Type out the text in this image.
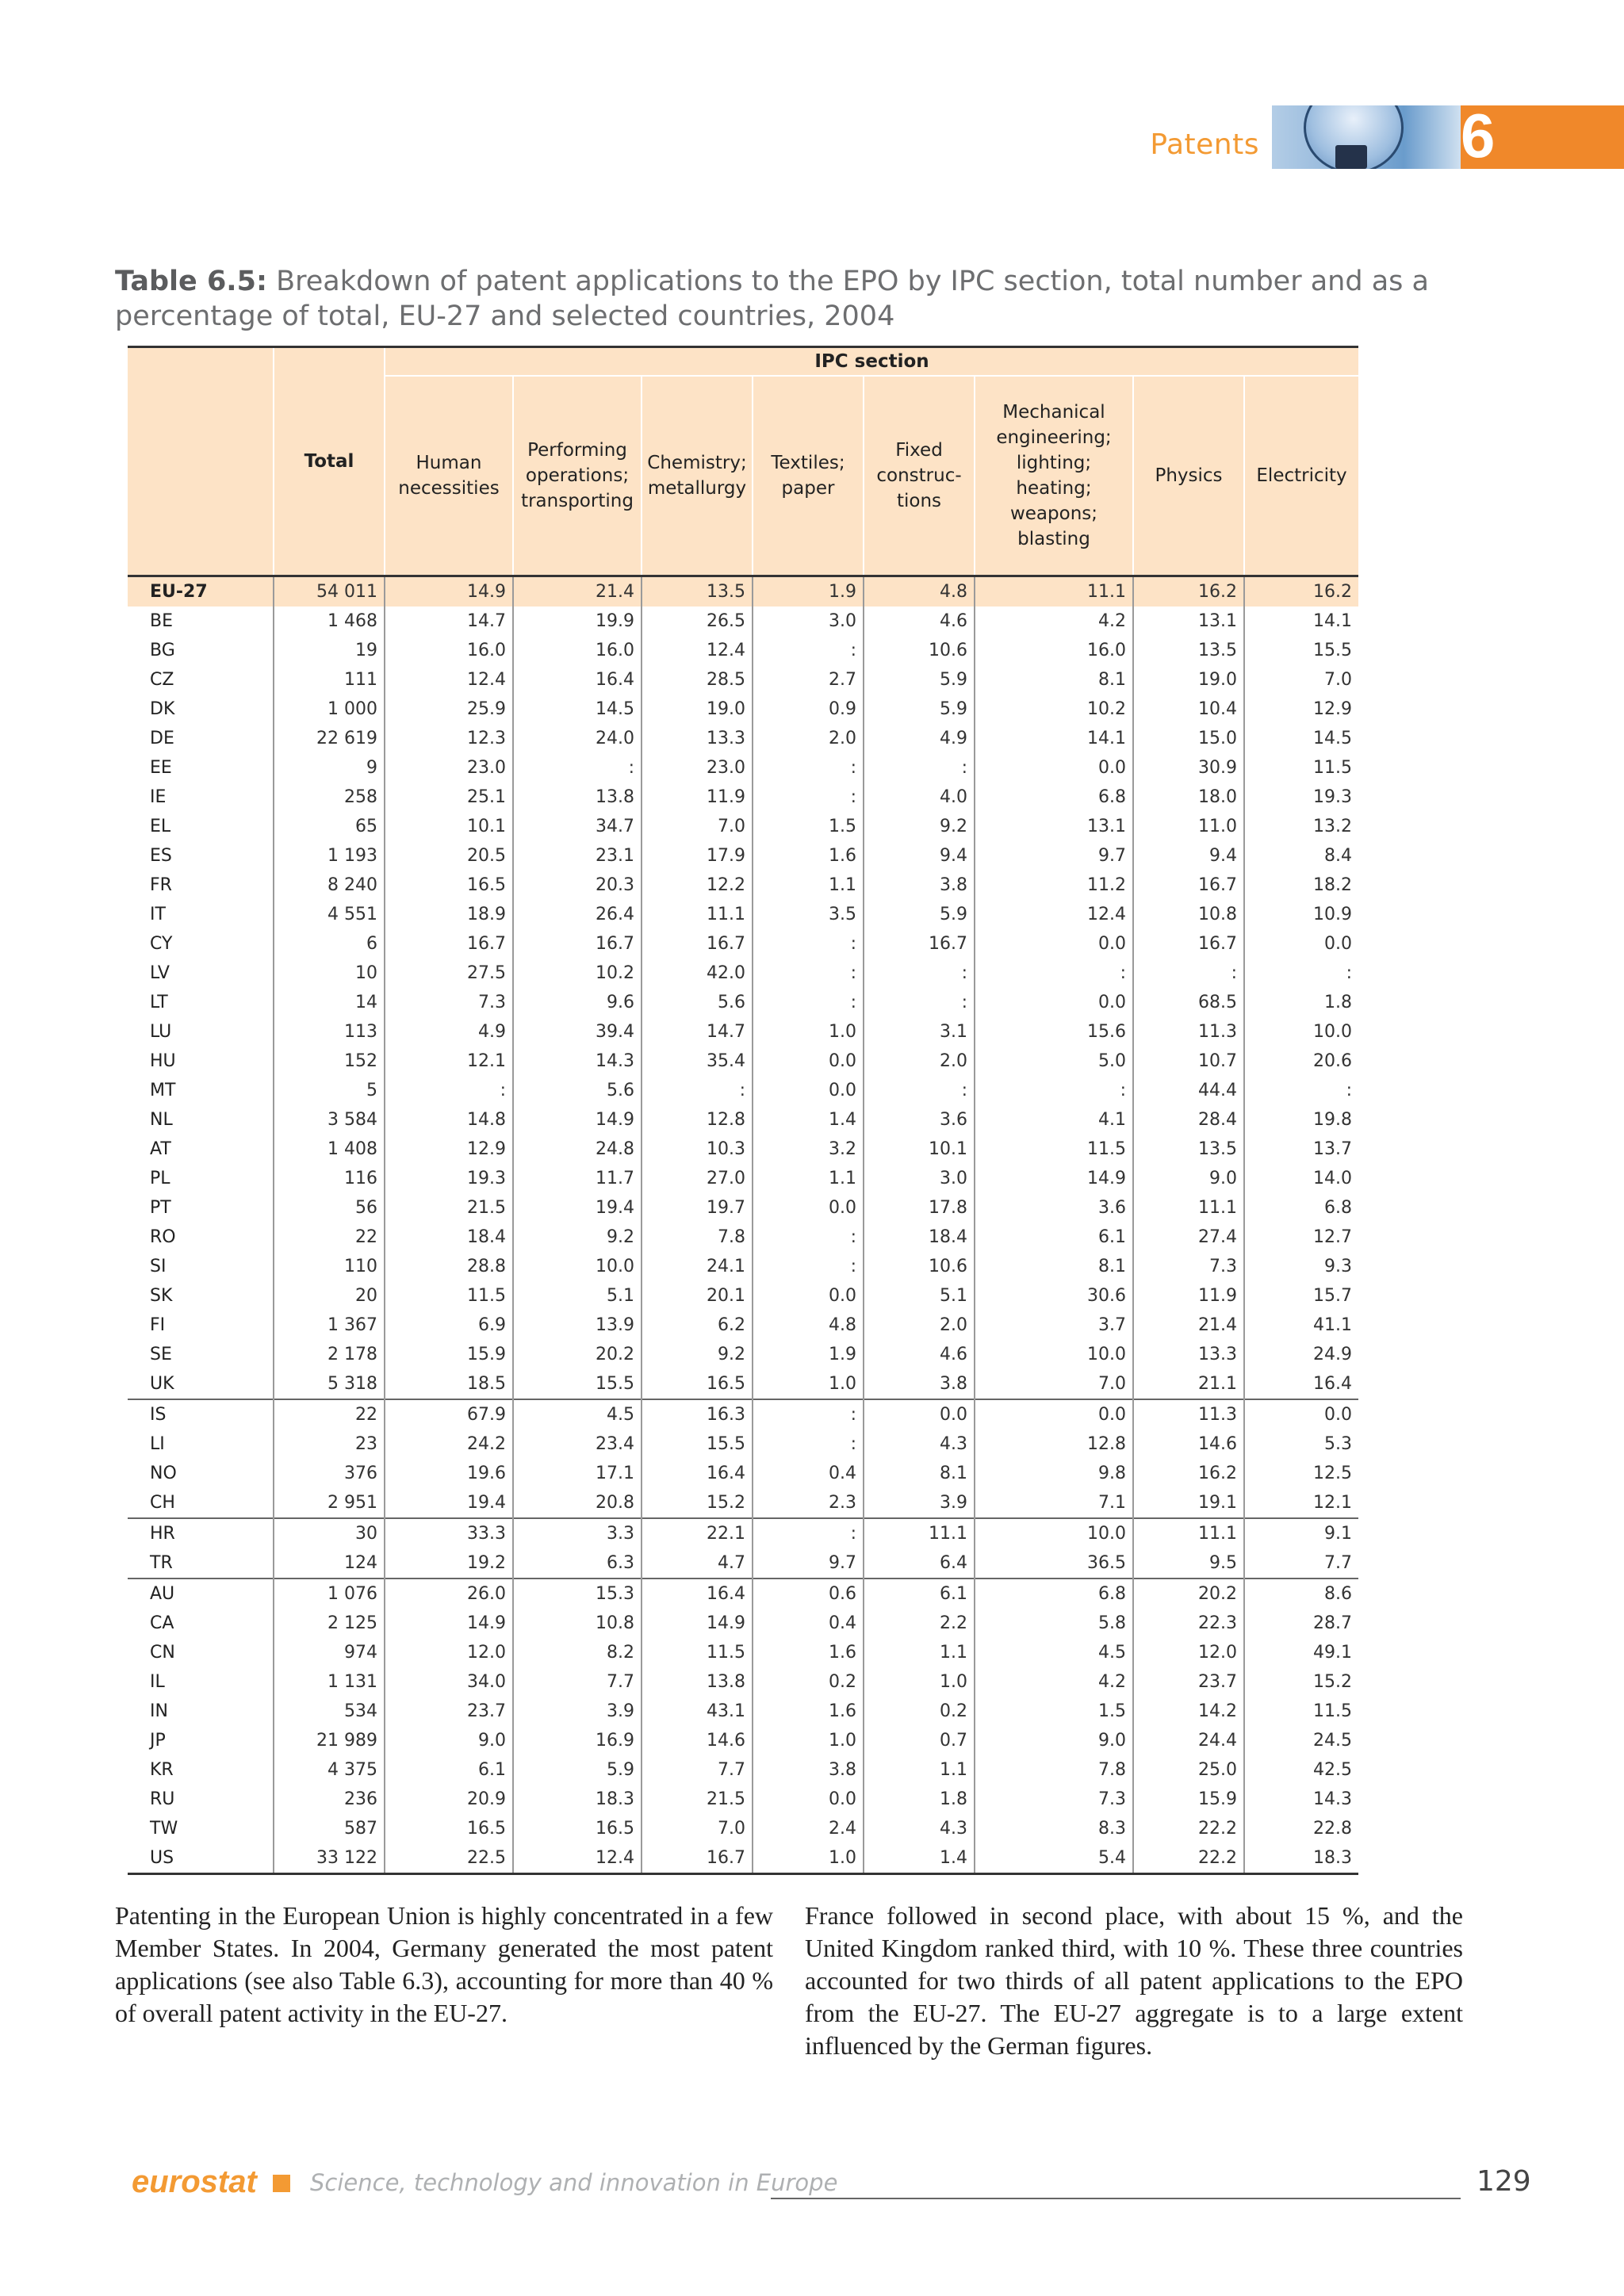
Patents	6
Table 6.5: Breakdown of patent applications to the EPO by IPC section, total number and as a percentage of total, EU-27 and selected countries, 2004
	Total	IPC section							
		Human necessities	Performing operations; transporting	Chemistry; metallurgy	Textiles; paper	Fixed construc-tions	Mechanical engineering; lighting; heating; weapons; blasting	Physics	Electricity
EU-27	54 011	14.9	21.4	13.5	1.9	4.8	11.1	16.2	16.2
BE	1 468	14.7	19.9	26.5	3.0	4.6	4.2	13.1	14.1
BG	19	16.0	16.0	12.4	:	10.6	16.0	13.5	15.5
CZ	111	12.4	16.4	28.5	2.7	5.9	8.1	19.0	7.0
DK	1 000	25.9	14.5	19.0	0.9	5.9	10.2	10.4	12.9
DE	22 619	12.3	24.0	13.3	2.0	4.9	14.1	15.0	14.5
EE	9	23.0	:	23.0	:	:	0.0	30.9	11.5
IE	258	25.1	13.8	11.9	:	4.0	6.8	18.0	19.3
EL	65	10.1	34.7	7.0	1.5	9.2	13.1	11.0	13.2
ES	1 193	20.5	23.1	17.9	1.6	9.4	9.7	9.4	8.4
FR	8 240	16.5	20.3	12.2	1.1	3.8	11.2	16.7	18.2
IT	4 551	18.9	26.4	11.1	3.5	5.9	12.4	10.8	10.9
CY	6	16.7	16.7	16.7	:	16.7	0.0	16.7	0.0
LV	10	27.5	10.2	42.0	:	:	:	:	:
LT	14	7.3	9.6	5.6	:	:	0.0	68.5	1.8
LU	113	4.9	39.4	14.7	1.0	3.1	15.6	11.3	10.0
HU	152	12.1	14.3	35.4	0.0	2.0	5.0	10.7	20.6
MT	5	:	5.6	:	0.0	:	:	44.4	:
NL	3 584	14.8	14.9	12.8	1.4	3.6	4.1	28.4	19.8
AT	1 408	12.9	24.8	10.3	3.2	10.1	11.5	13.5	13.7
PL	116	19.3	11.7	27.0	1.1	3.0	14.9	9.0	14.0
PT	56	21.5	19.4	19.7	0.0	17.8	3.6	11.1	6.8
RO	22	18.4	9.2	7.8	:	18.4	6.1	27.4	12.7
SI	110	28.8	10.0	24.1	:	10.6	8.1	7.3	9.3
SK	20	11.5	5.1	20.1	0.0	5.1	30.6	11.9	15.7
FI	1 367	6.9	13.9	6.2	4.8	2.0	3.7	21.4	41.1
SE	2 178	15.9	20.2	9.2	1.9	4.6	10.0	13.3	24.9
UK	5 318	18.5	15.5	16.5	1.0	3.8	7.0	21.1	16.4
IS	22	67.9	4.5	16.3	:	0.0	0.0	11.3	0.0
LI	23	24.2	23.4	15.5	:	4.3	12.8	14.6	5.3
NO	376	19.6	17.1	16.4	0.4	8.1	9.8	16.2	12.5
CH	2 951	19.4	20.8	15.2	2.3	3.9	7.1	19.1	12.1
HR	30	33.3	3.3	22.1	:	11.1	10.0	11.1	9.1
TR	124	19.2	6.3	4.7	9.7	6.4	36.5	9.5	7.7
AU	1 076	26.0	15.3	16.4	0.6	6.1	6.8	20.2	8.6
CA	2 125	14.9	10.8	14.9	0.4	2.2	5.8	22.3	28.7
CN	974	12.0	8.2	11.5	1.6	1.1	4.5	12.0	49.1
IL	1 131	34.0	7.7	13.8	0.2	1.0	4.2	23.7	15.2
IN	534	23.7	3.9	43.1	1.6	0.2	1.5	14.2	11.5
JP	21 989	9.0	16.9	14.6	1.0	0.7	9.0	24.4	24.5
KR	4 375	6.1	5.9	7.7	3.8	1.1	7.8	25.0	42.5
RU	236	20.9	18.3	21.5	0.0	1.8	7.3	15.9	14.3
TW	587	16.5	16.5	7.0	2.4	4.3	8.3	22.2	22.8
US	33 122	22.5	12.4	16.7	1.0	1.4	5.4	22.2	18.3
Patenting in the European Union is highly concentrated in a few Member States. In 2004, Germany generated the most patent applications (see also Table 6.3), accounting for more than 40 % of overall patent activity in the EU-27.
France followed in second place, with about 15 %, and the United Kingdom ranked third, with 10 %. These three countries accounted for two thirds of all patent applications to the EPO from the EU-27. The EU-27 aggregate is to a large extent influenced by the German figures.
eurostat Science, technology and innovation in Europe	129
